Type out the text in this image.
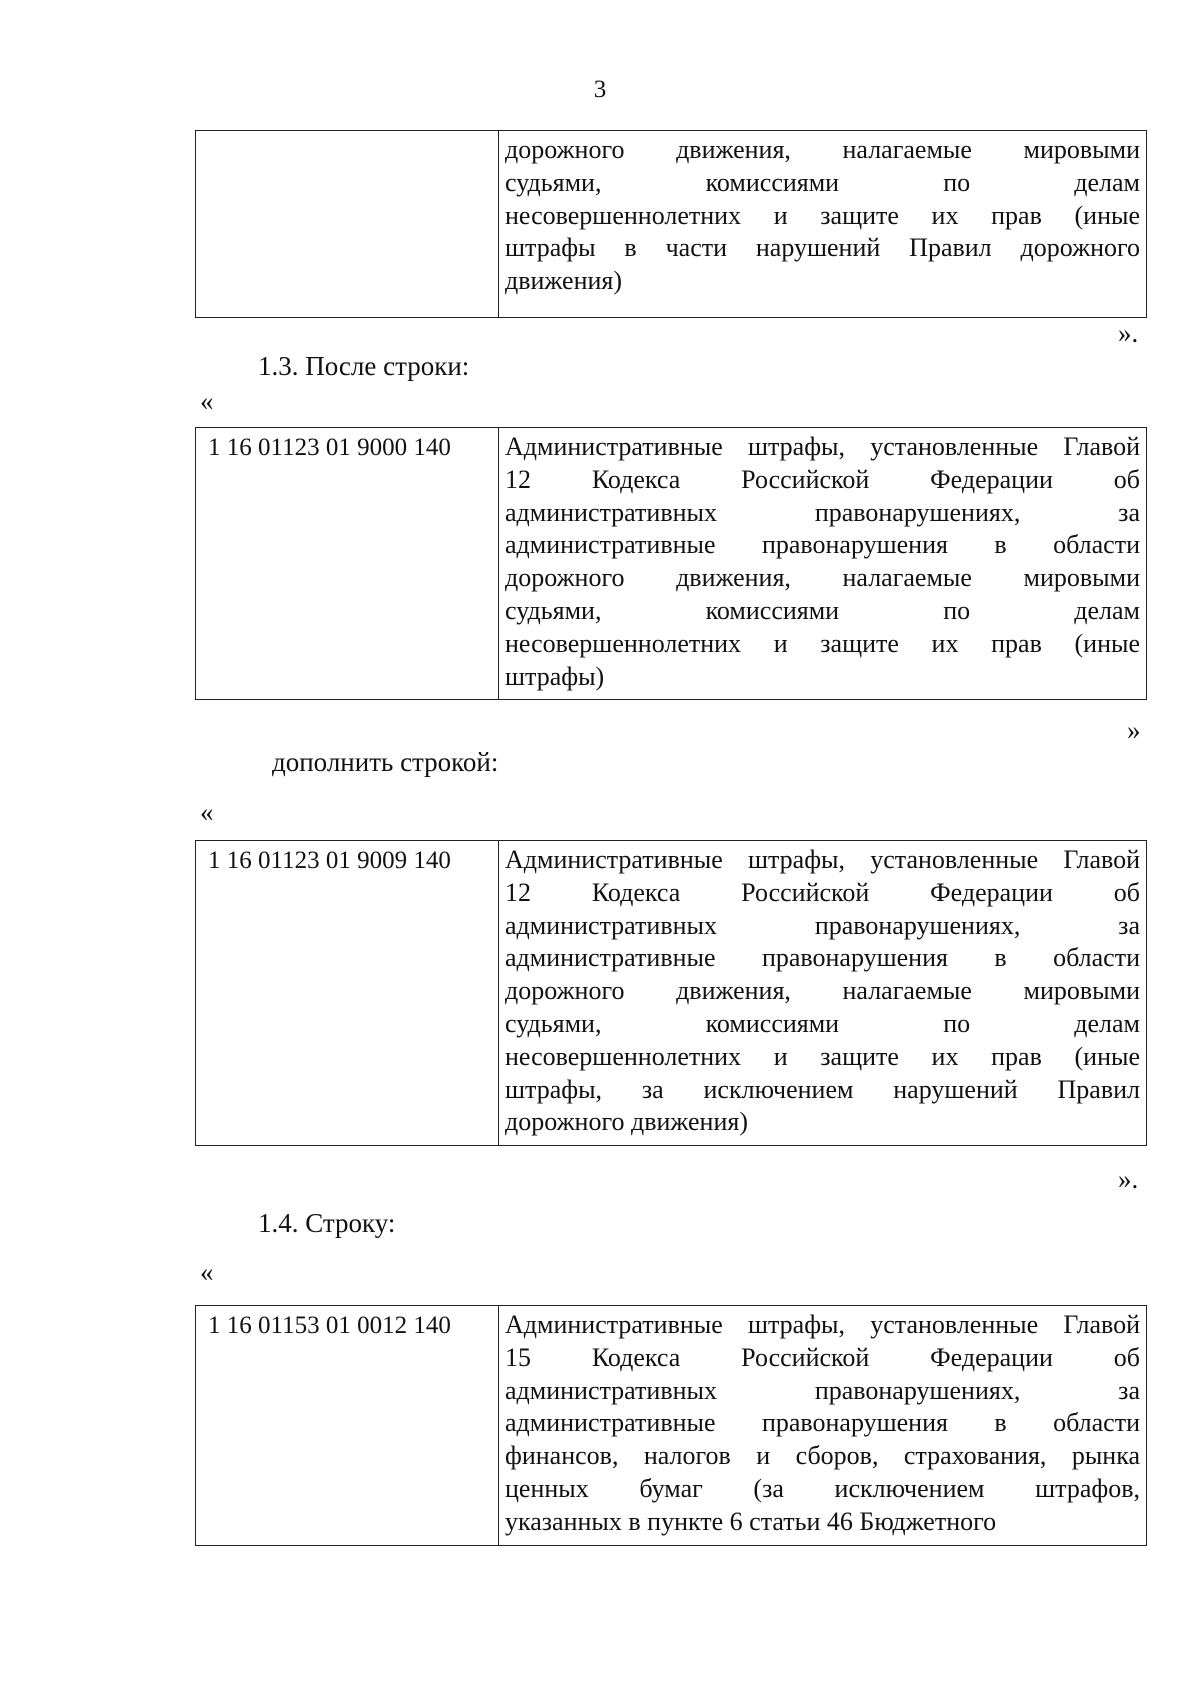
3
дорожного движения, налагаемые мировыми
судьями, комиссиями по делам
несовершеннолетних и защите их прав (иные
штрафы в части нарушений Правил дорожного
движения)
».
1.3. После строки:
«
1 16 01123 01 9000 140	Административные штрафы, установленные Главой
12 Кодекса Российской Федерации об
административных правонарушениях, за
административные правонарушения в области
дорожного движения, налагаемые мировыми
судьями, комиссиями по делам
несовершеннолетних и защите их прав (иные
штрафы)
»
дополнить строкой:
«
1 16 01123 01 9009 140	Административные штрафы, установленные Главой
12 Кодекса Российской Федерации об
административных правонарушениях, за
административные правонарушения в области
дорожного движения, налагаемые мировыми
судьями, комиссиями по делам
несовершеннолетних и защите их прав (иные
штрафы, за исключением нарушений Правил
дорожного движения)
».
1.4. Строку:
«
1 16 01153 01 0012 140	Административные штрафы, установленные Главой
15 Кодекса Российской Федерации об
административных правонарушениях, за
административные правонарушения в области
финансов, налогов и сборов, страхования, рынка
ценных бумаг (за исключением штрафов,
указанных в пункте 6 статьи 46 Бюджетного
